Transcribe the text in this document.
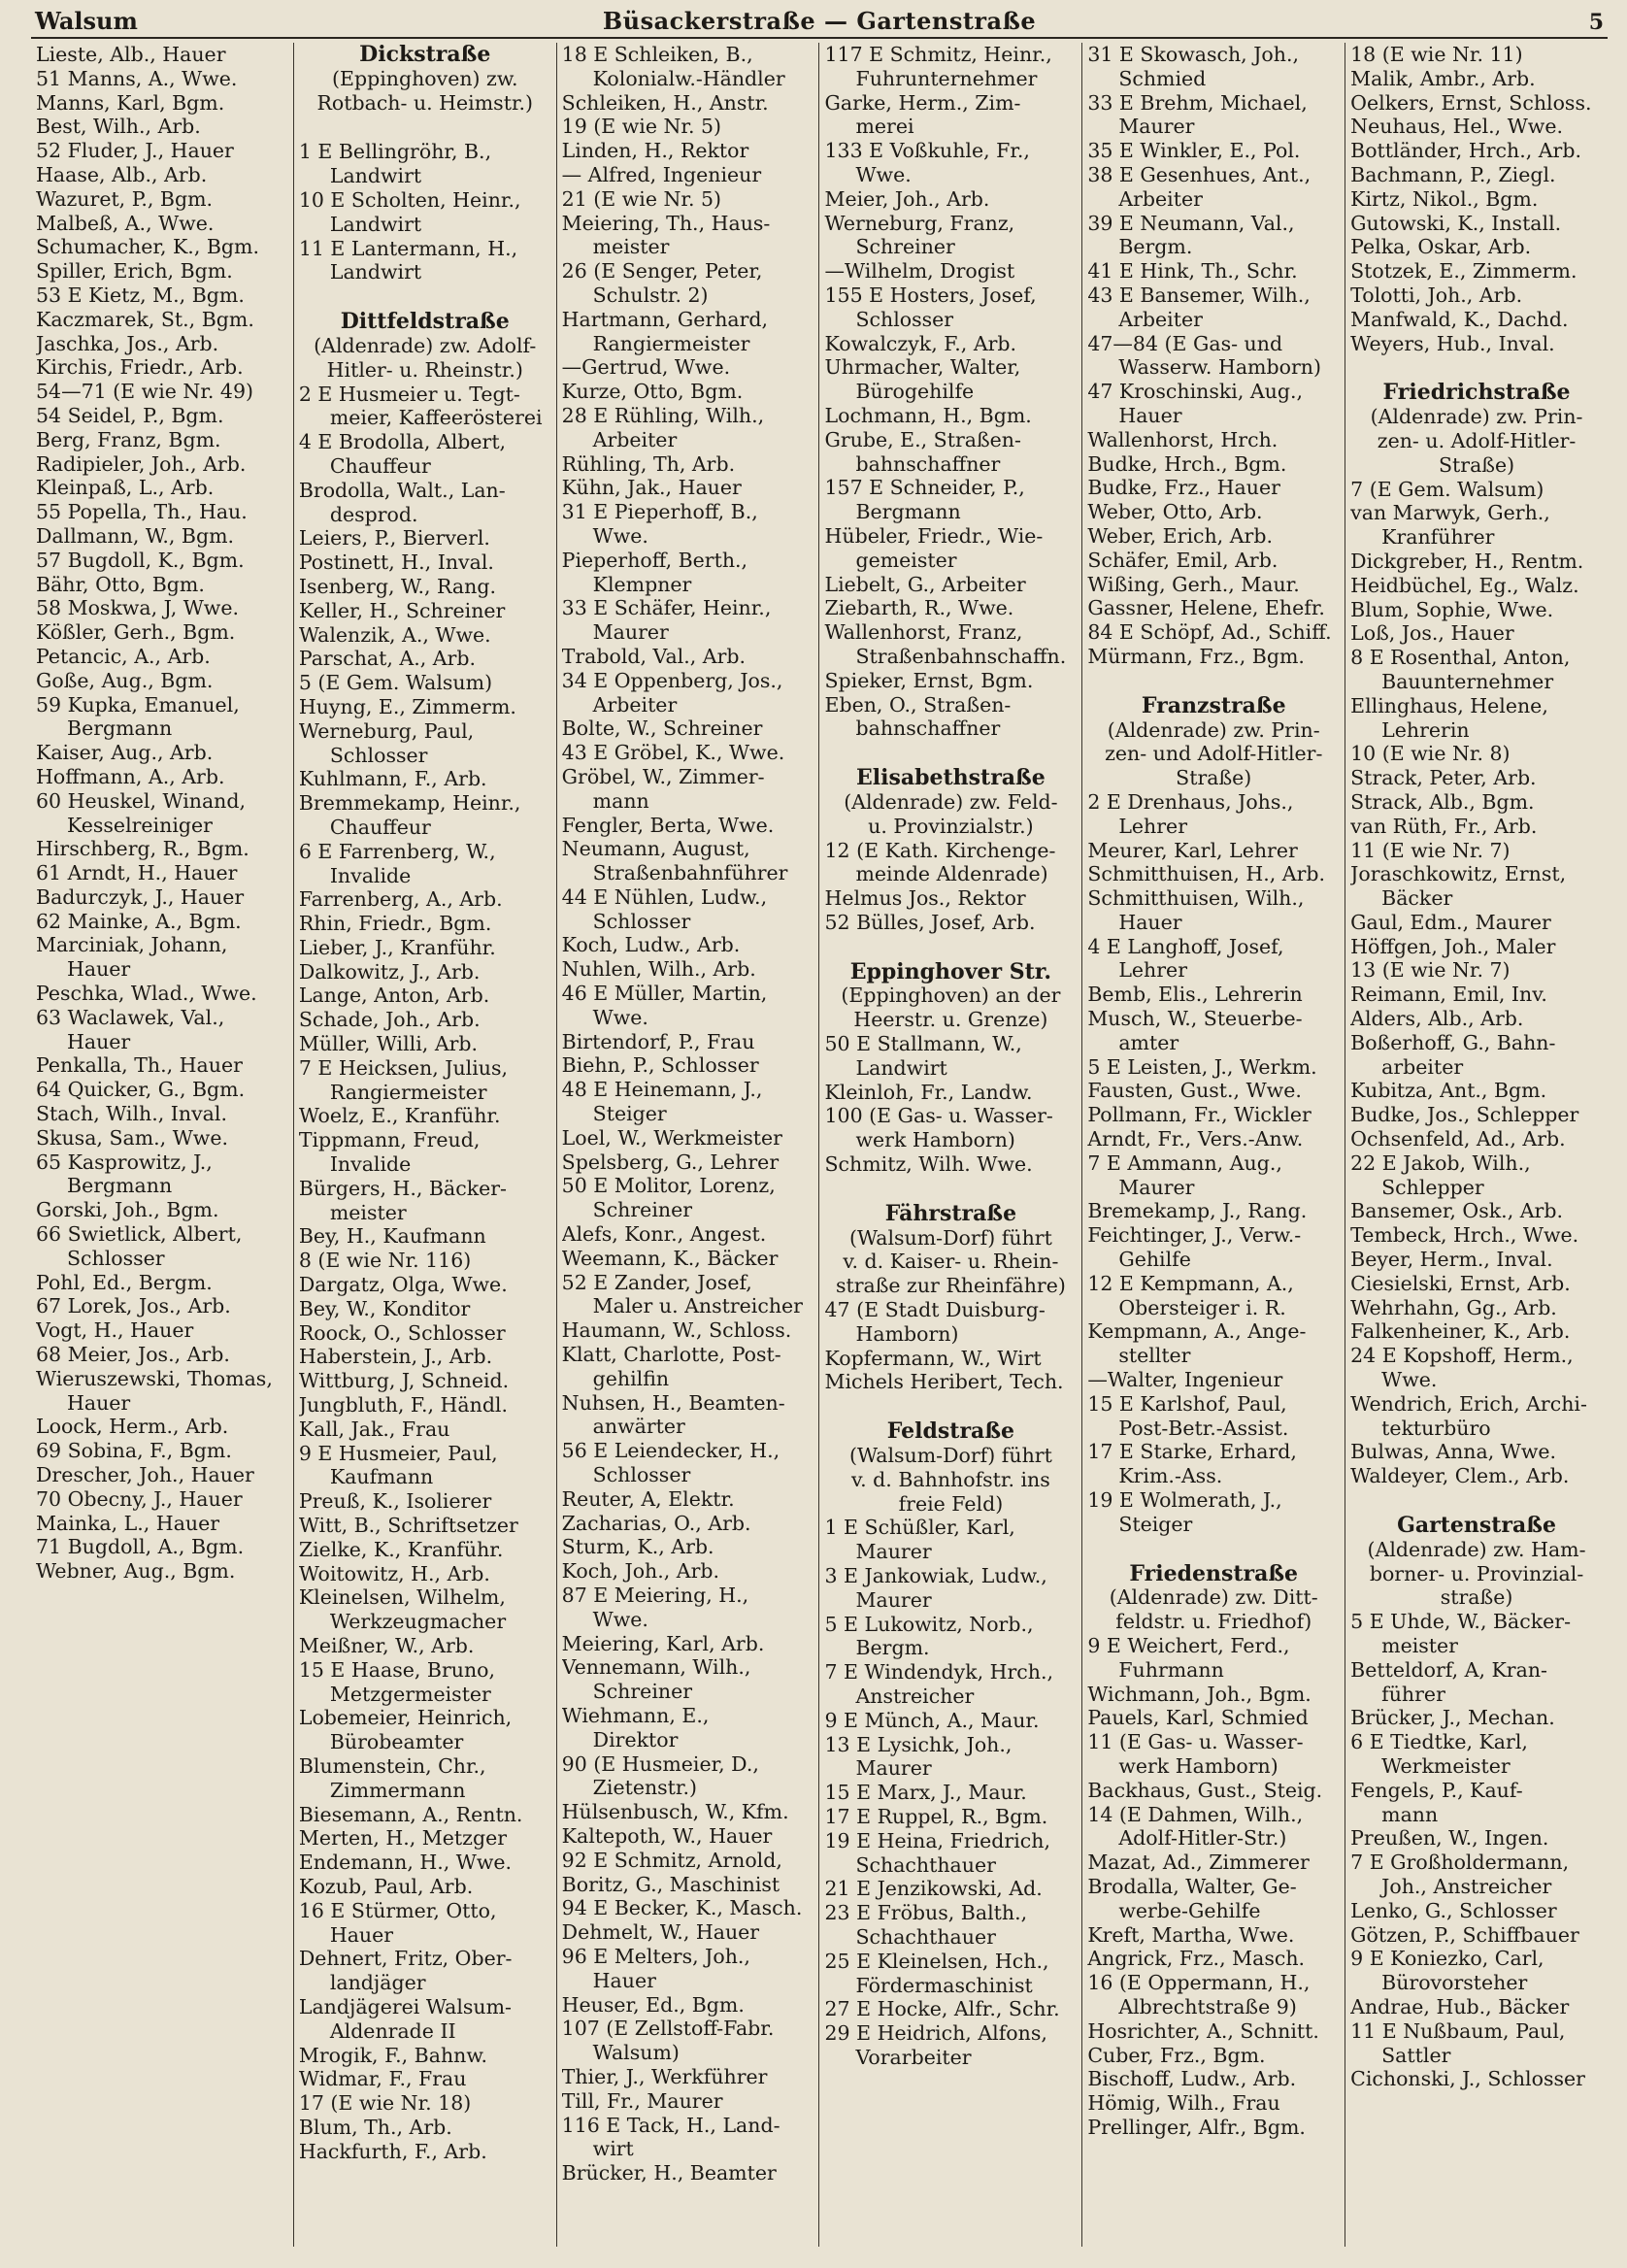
Walsum	Büsackerstraße — Gartenstraße	5
Lieste, Alb., Hauer
51 Manns, A., Wwe.
Manns, Karl, Bgm.
Best, Wilh., Arb.
52 Fluder, J., Hauer
Haase, Alb., Arb.
Wazuret, P., Bgm.
Malbeß, A., Wwe.
Schumacher, K., Bgm.
Spiller, Erich, Bgm.
53 E Kietz, M., Bgm.
Kaczmarek, St., Bgm.
Jaschka, Jos., Arb.
Kirchis, Friedr., Arb.
54—71 (E wie Nr. 49)
54 Seidel, P., Bgm.
Berg, Franz, Bgm.
Radipieler, Joh., Arb.
Kleinpaß, L., Arb.
55 Popella, Th., Hau.
Dallmann, W., Bgm.
57 Bugdoll, K., Bgm.
Bähr, Otto, Bgm.
58 Moskwa, J, Wwe.
Kößler, Gerh., Bgm.
Petancic, A., Arb.
Goße, Aug., Bgm.
59 Kupka, Emanuel,
Bergmann
Kaiser, Aug., Arb.
Hoffmann, A., Arb.
60 Heuskel, Winand,
Kesselreiniger
Hirschberg, R., Bgm.
61 Arndt, H., Hauer
Badurczyk, J., Hauer
62 Mainke, A., Bgm.
Marciniak, Johann,
Hauer
Peschka, Wlad., Wwe.
63 Waclawek, Val.,
Hauer
Penkalla, Th., Hauer
64 Quicker, G., Bgm.
Stach, Wilh., Inval.
Skusa, Sam., Wwe.
65 Kasprowitz, J.,
Bergmann
Gorski, Joh., Bgm.
66 Swietlick, Albert,
Schlosser
Pohl, Ed., Bergm.
67 Lorek, Jos., Arb.
Vogt, H., Hauer
68 Meier, Jos., Arb.
Wieruszewski, Thomas,
Hauer
Loock, Herm., Arb.
69 Sobina, F., Bgm.
Drescher, Joh., Hauer
70 Obecny, J., Hauer
Mainka, L., Hauer
71 Bugdoll, A., Bgm.
Webner, Aug., Bgm.
Dickstraße
(Eppinghoven) zw.
Rotbach- u. Heimstr.)
1 E Bellingröhr, B.,
Landwirt
10 E Scholten, Heinr.,
Landwirt
11 E Lantermann, H.,
Landwirt
Dittfeldstraße
(Aldenrade) zw. Adolf-
Hitler- u. Rheinstr.)
2 E Husmeier u. Tegt-
meier, Kaffeerösterei
4 E Brodolla, Albert,
Chauffeur
Brodolla, Walt., Lan-
desprod.
Leiers, P., Bierverl.
Postinett, H., Inval.
Isenberg, W., Rang.
Keller, H., Schreiner
Walenzik, A., Wwe.
Parschat, A., Arb.
5 (E Gem. Walsum)
Huyng, E., Zimmerm.
Werneburg, Paul,
Schlosser
Kuhlmann, F., Arb.
Bremmekamp, Heinr.,
Chauffeur
6 E Farrenberg, W.,
Invalide
Farrenberg, A., Arb.
Rhin, Friedr., Bgm.
Lieber, J., Kranführ.
Dalkowitz, J., Arb.
Lange, Anton, Arb.
Schade, Joh., Arb.
Müller, Willi, Arb.
7 E Heicksen, Julius,
Rangiermeister
Woelz, E., Kranführ.
Tippmann, Freud,
Invalide
Bürgers, H., Bäcker-
meister
Bey, H., Kaufmann
8 (E wie Nr. 116)
Dargatz, Olga, Wwe.
Bey, W., Konditor
Roock, O., Schlosser
Haberstein, J., Arb.
Wittburg, J, Schneid.
Jungbluth, F., Händl.
Kall, Jak., Frau
9 E Husmeier, Paul,
Kaufmann
Preuß, K., Isolierer
Witt, B., Schriftsetzer
Zielke, K., Kranführ.
Woitowitz, H., Arb.
Kleinelsen, Wilhelm,
Werkzeugmacher
Meißner, W., Arb.
15 E Haase, Bruno,
Metzgermeister
Lobemeier, Heinrich,
Bürobeamter
Blumenstein, Chr.,
Zimmermann
Biesemann, A., Rentn.
Merten, H., Metzger
Endemann, H., Wwe.
Kozub, Paul, Arb.
16 E Stürmer, Otto,
Hauer
Dehnert, Fritz, Ober-
landjäger
Landjägerei Walsum-
Aldenrade II
Mrogik, F., Bahnw.
Widmar, F., Frau
17 (E wie Nr. 18)
Blum, Th., Arb.
Hackfurth, F., Arb.
18 E Schleiken, B.,
Kolonialw.-Händler
Schleiken, H., Anstr.
19 (E wie Nr. 5)
Linden, H., Rektor
— Alfred, Ingenieur
21 (E wie Nr. 5)
Meiering, Th., Haus-
meister
26 (E Senger, Peter,
Schulstr. 2)
Hartmann, Gerhard,
Rangiermeister
—Gertrud, Wwe.
Kurze, Otto, Bgm.
28 E Rühling, Wilh.,
Arbeiter
Rühling, Th, Arb.
Kühn, Jak., Hauer
31 E Pieperhoff, B.,
Wwe.
Pieperhoff, Berth.,
Klempner
33 E Schäfer, Heinr.,
Maurer
Trabold, Val., Arb.
34 E Oppenberg, Jos.,
Arbeiter
Bolte, W., Schreiner
43 E Gröbel, K., Wwe.
Gröbel, W., Zimmer-
mann
Fengler, Berta, Wwe.
Neumann, August,
Straßenbahnführer
44 E Nühlen, Ludw.,
Schlosser
Koch, Ludw., Arb.
Nuhlen, Wilh., Arb.
46 E Müller, Martin,
Wwe.
Birtendorf, P., Frau
Biehn, P., Schlosser
48 E Heinemann, J.,
Steiger
Loel, W., Werkmeister
Spelsberg, G., Lehrer
50 E Molitor, Lorenz,
Schreiner
Alefs, Konr., Angest.
Weemann, K., Bäcker
52 E Zander, Josef,
Maler u. Anstreicher
Haumann, W., Schloss.
Klatt, Charlotte, Post-
gehilfin
Nuhsen, H., Beamten-
anwärter
56 E Leiendecker, H.,
Schlosser
Reuter, A, Elektr.
Zacharias, O., Arb.
Sturm, K., Arb.
Koch, Joh., Arb.
87 E Meiering, H.,
Wwe.
Meiering, Karl, Arb.
Vennemann, Wilh.,
Schreiner
Wiehmann, E.,
Direktor
90 (E Husmeier, D.,
Zietenstr.)
Hülsenbusch, W., Kfm.
Kaltepoth, W., Hauer
92 E Schmitz, Arnold,
Boritz, G., Maschinist
94 E Becker, K., Masch.
Dehmelt, W., Hauer
96 E Melters, Joh.,
Hauer
Heuser, Ed., Bgm.
107 (E Zellstoff-Fabr.
Walsum)
Thier, J., Werkführer
Till, Fr., Maurer
116 E Tack, H., Land-
wirt
Brücker, H., Beamter
117 E Schmitz, Heinr.,
Fuhrunternehmer
Garke, Herm., Zim-
merei
133 E Voßkuhle, Fr.,
Wwe.
Meier, Joh., Arb.
Werneburg, Franz,
Schreiner
—Wilhelm, Drogist
155 E Hosters, Josef,
Schlosser
Kowalczyk, F., Arb.
Uhrmacher, Walter,
Bürogehilfe
Lochmann, H., Bgm.
Grube, E., Straßen-
bahnschaffner
157 E Schneider, P.,
Bergmann
Hübeler, Friedr., Wie-
gemeister
Liebelt, G., Arbeiter
Ziebarth, R., Wwe.
Wallenhorst, Franz,
Straßenbahnschaffn.
Spieker, Ernst, Bgm.
Eben, O., Straßen-
bahnschaffner
Elisabethstraße
(Aldenrade) zw. Feld-
u. Provinzialstr.)
12 (E Kath. Kirchenge-
meinde Aldenrade)
Helmus Jos., Rektor
52 Bülles, Josef, Arb.
Eppinghover Str.
(Eppinghoven) an der
Heerstr. u. Grenze)
50 E Stallmann, W.,
Landwirt
Kleinloh, Fr., Landw.
100 (E Gas- u. Wasser-
werk Hamborn)
Schmitz, Wilh. Wwe.
Fährstraße
(Walsum-Dorf) führt
v. d. Kaiser- u. Rhein-
straße zur Rheinfähre)
47 (E Stadt Duisburg-
Hamborn)
Kopfermann, W., Wirt
Michels Heribert, Tech.
Feldstraße
(Walsum-Dorf) führt
v. d. Bahnhofstr. ins
freie Feld)
1 E Schüßler, Karl,
Maurer
3 E Jankowiak, Ludw.,
Maurer
5 E Lukowitz, Norb.,
Bergm.
7 E Windendyk, Hrch.,
Anstreicher
9 E Münch, A., Maur.
13 E Lysichk, Joh.,
Maurer
15 E Marx, J., Maur.
17 E Ruppel, R., Bgm.
19 E Heina, Friedrich,
Schachthauer
21 E Jenzikowski, Ad.
23 E Fröbus, Balth.,
Schachthauer
25 E Kleinelsen, Hch.,
Fördermaschinist
27 E Hocke, Alfr., Schr.
29 E Heidrich, Alfons,
Vorarbeiter
31 E Skowasch, Joh.,
Schmied
33 E Brehm, Michael,
Maurer
35 E Winkler, E., Pol.
38 E Gesenhues, Ant.,
Arbeiter
39 E Neumann, Val.,
Bergm.
41 E Hink, Th., Schr.
43 E Bansemer, Wilh.,
Arbeiter
47—84 (E Gas- und
Wasserw. Hamborn)
47 Kroschinski, Aug.,
Hauer
Wallenhorst, Hrch.
Budke, Hrch., Bgm.
Budke, Frz., Hauer
Weber, Otto, Arb.
Weber, Erich, Arb.
Schäfer, Emil, Arb.
Wißing, Gerh., Maur.
Gassner, Helene, Ehefr.
84 E Schöpf, Ad., Schiff.
Mürmann, Frz., Bgm.
Franzstraße
(Aldenrade) zw. Prin-
zen- und Adolf-Hitler-
Straße)
2 E Drenhaus, Johs.,
Lehrer
Meurer, Karl, Lehrer
Schmitthuisen, H., Arb.
Schmitthuisen, Wilh.,
Hauer
4 E Langhoff, Josef,
Lehrer
Bemb, Elis., Lehrerin
Musch, W., Steuerbe-
amter
5 E Leisten, J., Werkm.
Fausten, Gust., Wwe.
Pollmann, Fr., Wickler
Arndt, Fr., Vers.-Anw.
7 E Ammann, Aug.,
Maurer
Bremekamp, J., Rang.
Feichtinger, J., Verw.-
Gehilfe
12 E Kempmann, A.,
Obersteiger i. R.
Kempmann, A., Ange-
stellter
—Walter, Ingenieur
15 E Karlshof, Paul,
Post-Betr.-Assist.
17 E Starke, Erhard,
Krim.-Ass.
19 E Wolmerath, J.,
Steiger
Friedenstraße
(Aldenrade) zw. Ditt-
feldstr. u. Friedhof)
9 E Weichert, Ferd.,
Fuhrmann
Wichmann, Joh., Bgm.
Pauels, Karl, Schmied
11 (E Gas- u. Wasser-
werk Hamborn)
Backhaus, Gust., Steig.
14 (E Dahmen, Wilh.,
Adolf-Hitler-Str.)
Mazat, Ad., Zimmerer
Brodalla, Walter, Ge-
werbe-Gehilfe
Kreft, Martha, Wwe.
Angrick, Frz., Masch.
16 (E Oppermann, H.,
Albrechtstraße 9)
Hosrichter, A., Schnitt.
Cuber, Frz., Bgm.
Bischoff, Ludw., Arb.
Hömig, Wilh., Frau
Prellinger, Alfr., Bgm.
18 (E wie Nr. 11)
Malik, Ambr., Arb.
Oelkers, Ernst, Schloss.
Neuhaus, Hel., Wwe.
Bottländer, Hrch., Arb.
Bachmann, P., Ziegl.
Kirtz, Nikol., Bgm.
Gutowski, K., Install.
Pelka, Oskar, Arb.
Stotzek, E., Zimmerm.
Tolotti, Joh., Arb.
Manfwald, K., Dachd.
Weyers, Hub., Inval.
Friedrichstraße
(Aldenrade) zw. Prin-
zen- u. Adolf-Hitler-
Straße)
7 (E Gem. Walsum)
van Marwyk, Gerh.,
Kranführer
Dickgreber, H., Rentm.
Heidbüchel, Eg., Walz.
Blum, Sophie, Wwe.
Loß, Jos., Hauer
8 E Rosenthal, Anton,
Bauunternehmer
Ellinghaus, Helene,
Lehrerin
10 (E wie Nr. 8)
Strack, Peter, Arb.
Strack, Alb., Bgm.
van Rüth, Fr., Arb.
11 (E wie Nr. 7)
Joraschkowitz, Ernst,
Bäcker
Gaul, Edm., Maurer
Höffgen, Joh., Maler
13 (E wie Nr. 7)
Reimann, Emil, Inv.
Alders, Alb., Arb.
Boßerhoff, G., Bahn-
arbeiter
Kubitza, Ant., Bgm.
Budke, Jos., Schlepper
Ochsenfeld, Ad., Arb.
22 E Jakob, Wilh.,
Schlepper
Bansemer, Osk., Arb.
Tembeck, Hrch., Wwe.
Beyer, Herm., Inval.
Ciesielski, Ernst, Arb.
Wehrhahn, Gg., Arb.
Falkenheiner, K., Arb.
24 E Kopshoff, Herm.,
Wwe.
Wendrich, Erich, Archi-
tekturbüro
Bulwas, Anna, Wwe.
Waldeyer, Clem., Arb.
Gartenstraße
(Aldenrade) zw. Ham-
borner- u. Provinzial-
straße)
5 E Uhde, W., Bäcker-
meister
Betteldorf, A, Kran-
führer
Brücker, J., Mechan.
6 E Tiedtke, Karl,
Werkmeister
Fengels, P., Kauf-
mann
Preußen, W., Ingen.
7 E Großholdermann,
Joh., Anstreicher
Lenko, G., Schlosser
Götzen, P., Schiffbauer
9 E Koniezko, Carl,
Bürovorsteher
Andrae, Hub., Bäcker
11 E Nußbaum, Paul,
Sattler
Cichonski, J., Schlosser
